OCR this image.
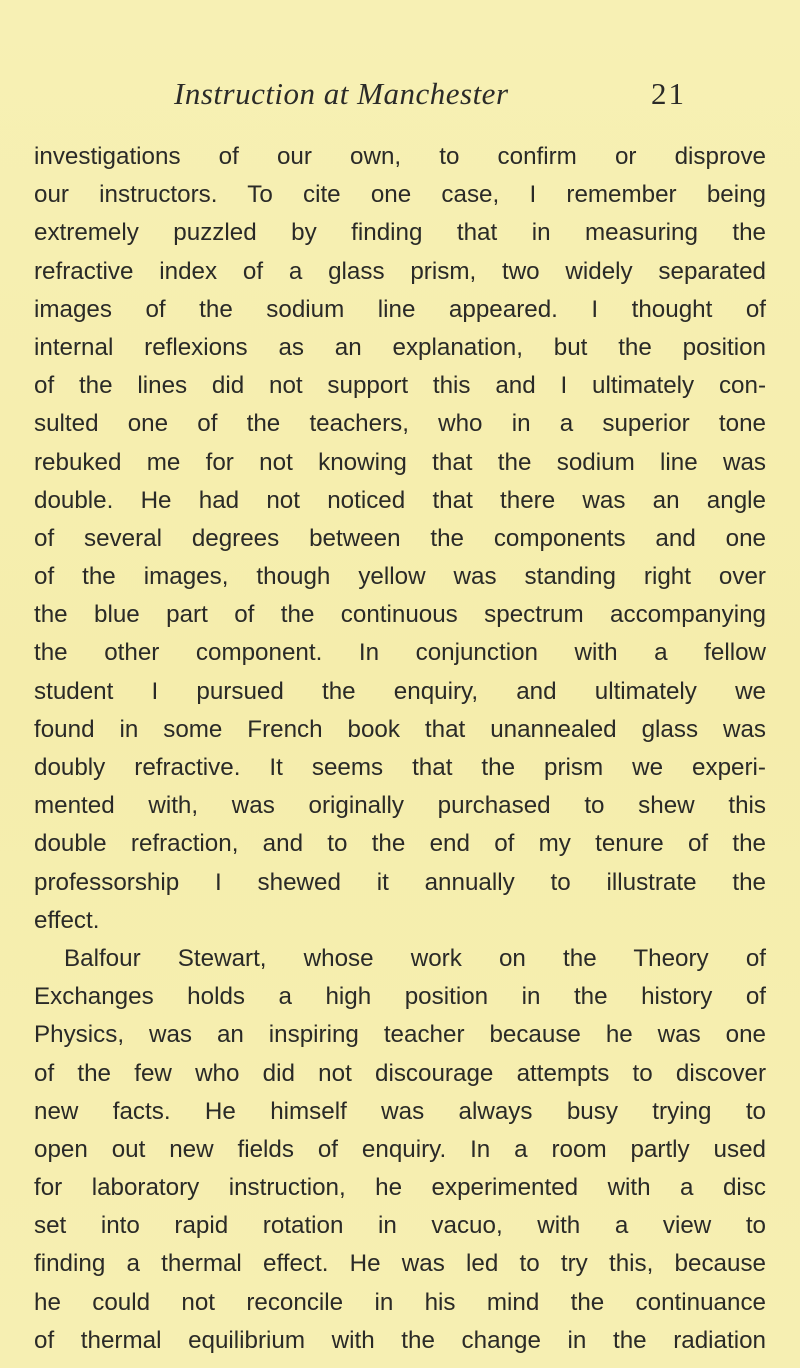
Instruction at Manchester	21
investigations of our own, to confirm or disprove
our instructors. To cite one case, I remember being
extremely puzzled by finding that in measuring the
refractive index of a glass prism, two widely separated
images of the sodium line appeared. I thought of
internal reflexions as an explanation, but the position
of the lines did not support this and I ultimately con-
sulted one of the teachers, who in a superior tone
rebuked me for not knowing that the sodium line was
double. He had not noticed that there was an angle
of several degrees between the components and one
of the images, though yellow was standing right over
the blue part of the continuous spectrum accompanying
the other component. In conjunction with a fellow
student I pursued the enquiry, and ultimately we
found in some French book that unannealed glass was
doubly refractive. It seems that the prism we experi-
mented with, was originally purchased to shew this
double refraction, and to the end of my tenure of the
professorship I shewed it annually to illustrate the
effect.
Balfour Stewart, whose work on the Theory of
Exchanges holds a high position in the history of
Physics, was an inspiring teacher because he was one
of the few who did not discourage attempts to discover
new facts. He himself was always busy trying to
open out new fields of enquiry. In a room partly used
for laboratory instruction, he experimented with a disc
set into rapid rotation in vacuo, with a view to
finding a thermal effect. He was led to try this, because
he could not reconcile in his mind the continuance
of thermal equilibrium with the change in the radiation
